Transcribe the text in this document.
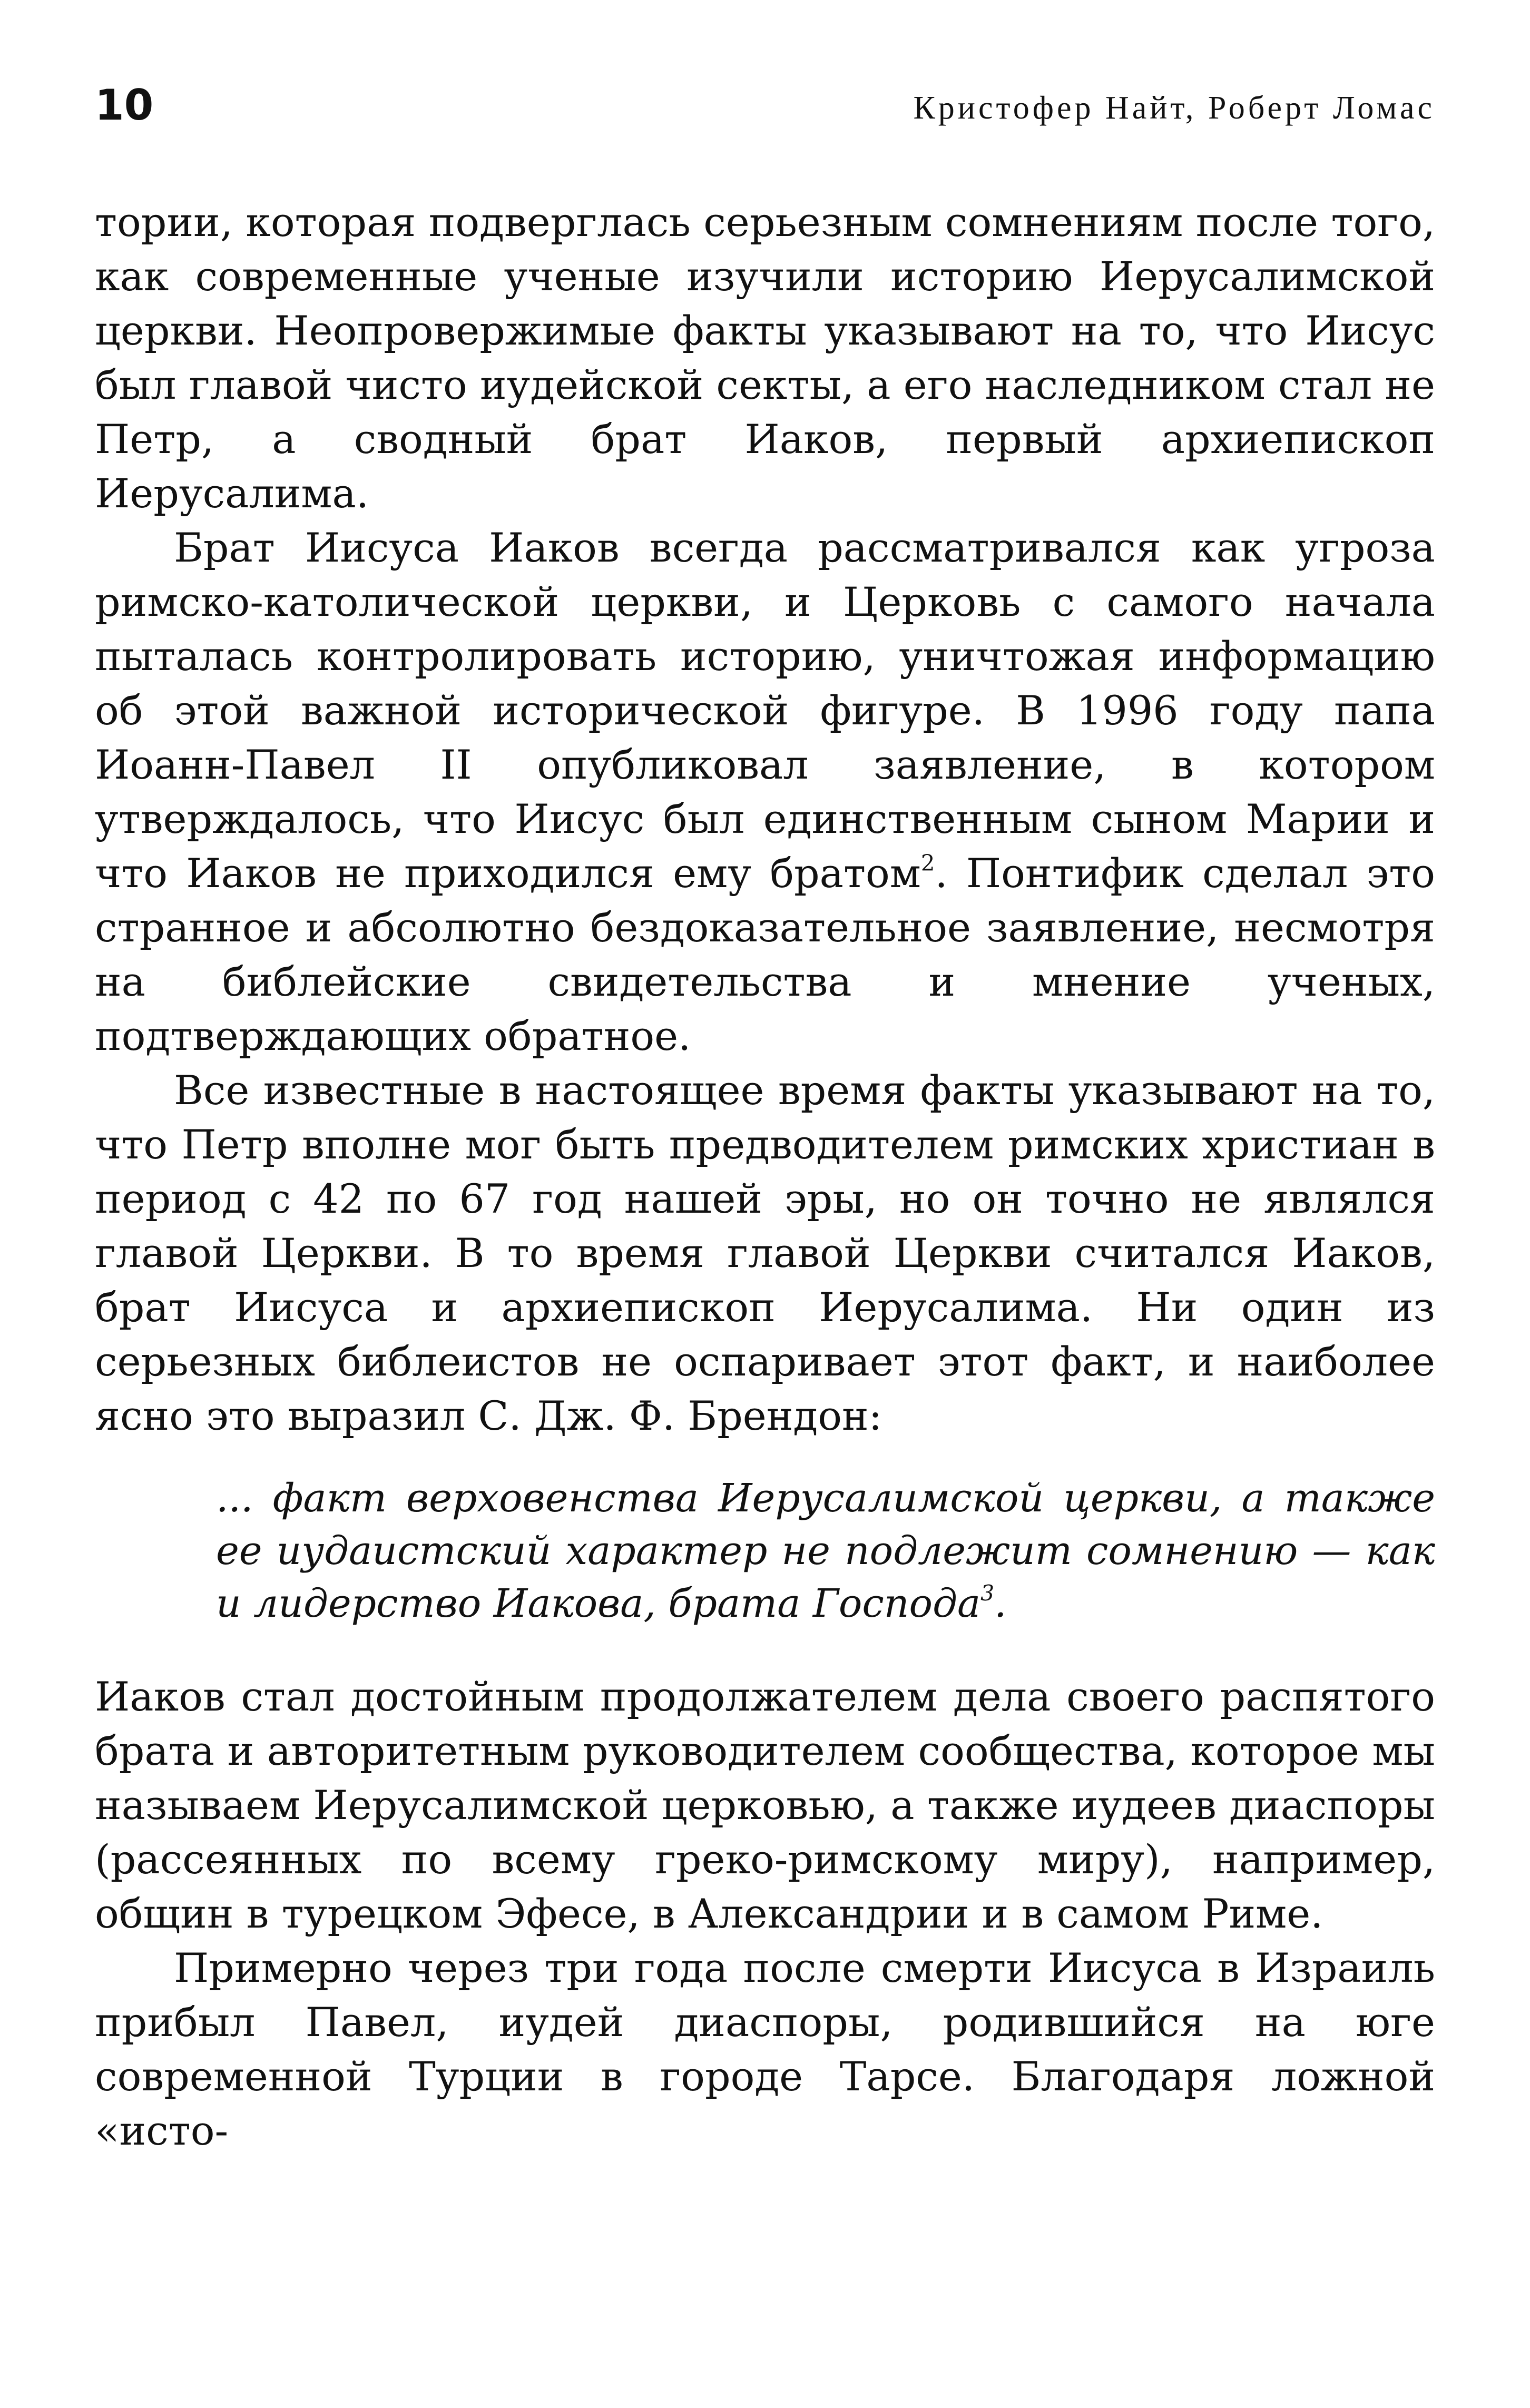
10	Кристофер Найт, Роберт Ломас

тории, которая подверглась серьезным сомнениям после того, как современные ученые изучили историю Иерусалимской церкви. Неопровержимые факты указывают на то, что Иисус был главой чисто иудейской секты, а его наследником стал не Петр, а сводный брат Иаков, первый архиепископ Иерусалима.

Брат Иисуса Иаков всегда рассматривался как угроза римско-католической церкви, и Церковь с самого начала пыталась контролировать историю, уничтожая информацию об этой важной исторической фигуре. В 1996 году папа Иоанн-Павел II опубликовал заявление, в котором утверждалось, что Иисус был единственным сыном Марии и что Иаков не приходился ему братом$^2$. Понтифик сделал это странное и абсолютно бездоказательное заявление, несмотря на библейские свидетельства и мнение ученых, подтверждающих обратное.

Все известные в настоящее время факты указывают на то, что Петр вполне мог быть предводителем римских христиан в период с 42 по 67 год нашей эры, но он точно не являлся главой Церкви. В то время главой Церкви считался Иаков, брат Иисуса и архиепископ Иерусалима. Ни один из серьезных библеистов не оспаривает этот факт, и наиболее ясно это выразил С. Дж. Ф. Брендон:

... факт верховенства Иерусалимской церкви, а также ее иудаистский характер не подлежит сомнению — как и лидерство Иакова, брата Господа$^3$.

Иаков стал достойным продолжателем дела своего распятого брата и авторитетным руководителем сообщества, которое мы называем Иерусалимской церковью, а также иудеев диаспоры (рассеянных по всему греко-римскому миру), например, общин в турецком Эфесе, в Александрии и в самом Риме.

Примерно через три года после смерти Иисуса в Израиль прибыл Павел, иудей диаспоры, родившийся на юге современной Турции в городе Тарсе. Благодаря ложной «исто-
